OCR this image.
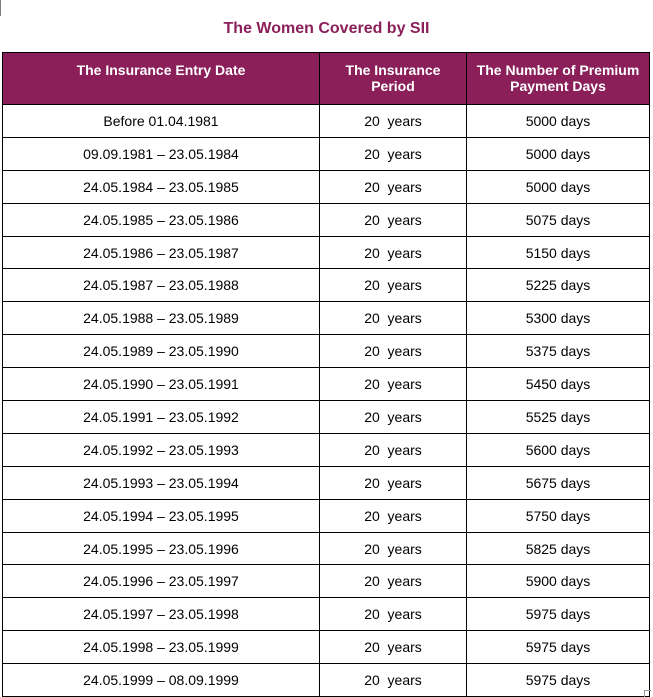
The Women Covered by SII
The Insurance Entry Date	The Insurance Period	The Number of Premium Payment Days
Before 01.04.1981	20  years	5000 days
09.09.1981 – 23.05.1984	20  years	5000 days
24.05.1984 – 23.05.1985	20  years	5000 days
24.05.1985 – 23.05.1986	20  years	5075 days
24.05.1986 – 23.05.1987	20  years	5150 days
24.05.1987 – 23.05.1988	20  years	5225 days
24.05.1988 – 23.05.1989	20  years	5300 days
24.05.1989 – 23.05.1990	20  years	5375 days
24.05.1990 – 23.05.1991	20  years	5450 days
24.05.1991 – 23.05.1992	20  years	5525 days
24.05.1992 – 23.05.1993	20  years	5600 days
24.05.1993 – 23.05.1994	20  years	5675 days
24.05.1994 – 23.05.1995	20  years	5750 days
24.05.1995 – 23.05.1996	20  years	5825 days
24.05.1996 – 23.05.1997	20  years	5900 days
24.05.1997 – 23.05.1998	20  years	5975 days
24.05.1998 – 23.05.1999	20  years	5975 days
24.05.1999 – 08.09.1999	20  years	5975 days
